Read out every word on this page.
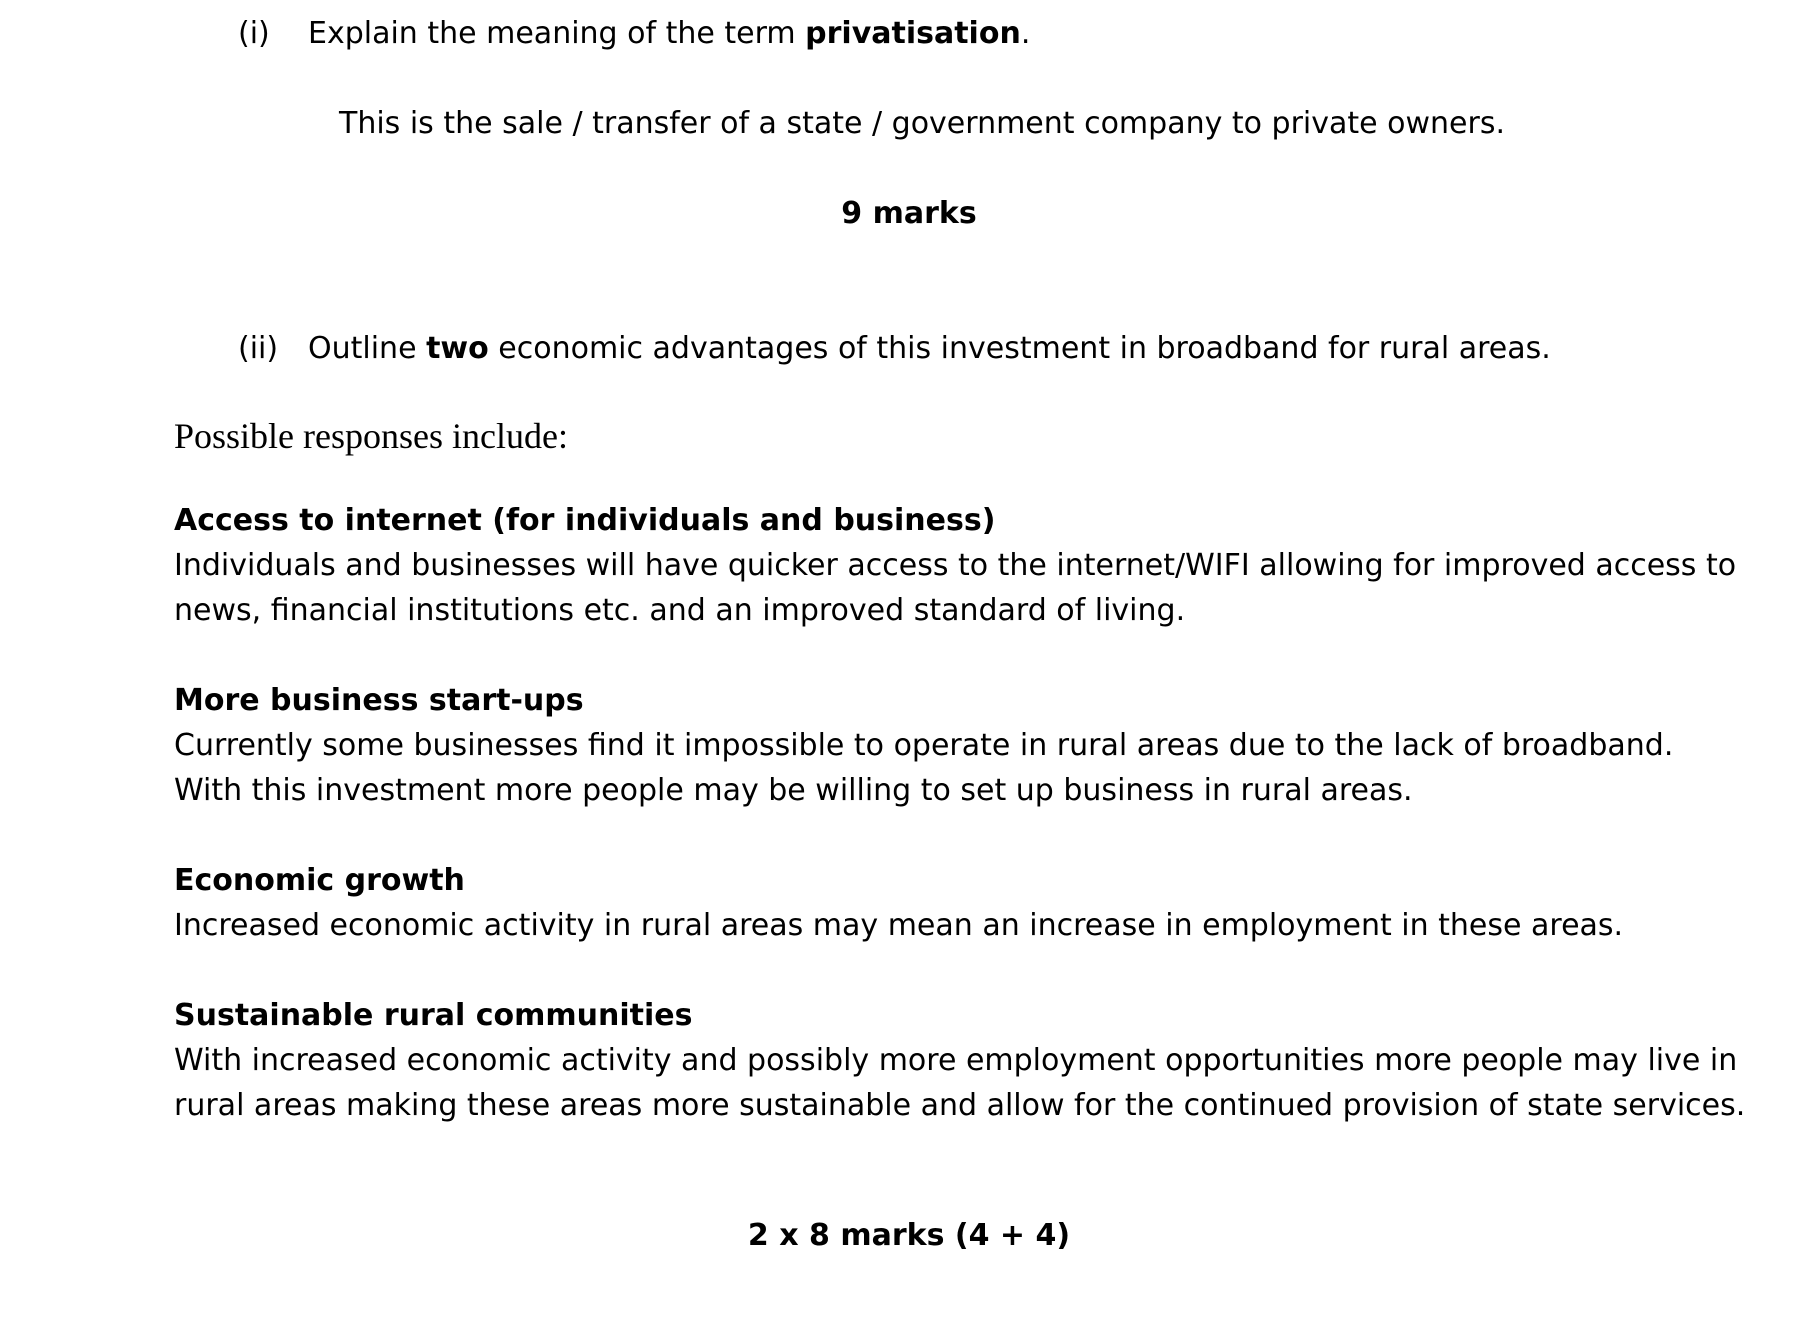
(i) Explain the meaning of the term privatisation.
This is the sale / transfer of a state / government company to private owners.
9 marks
(ii) Outline two economic advantages of this investment in broadband for rural areas.
Possible responses include:
Access to internet (for individuals and business)
Individuals and businesses will have quicker access to the internet/WIFI allowing for improved access to
news, financial institutions etc. and an improved standard of living.
More business start-ups
Currently some businesses find it impossible to operate in rural areas due to the lack of broadband.
With this investment more people may be willing to set up business in rural areas.
Economic growth
Increased economic activity in rural areas may mean an increase in employment in these areas.
Sustainable rural communities
With increased economic activity and possibly more employment opportunities more people may live in
rural areas making these areas more sustainable and allow for the continued provision of state services.
2 x 8 marks (4 + 4)
